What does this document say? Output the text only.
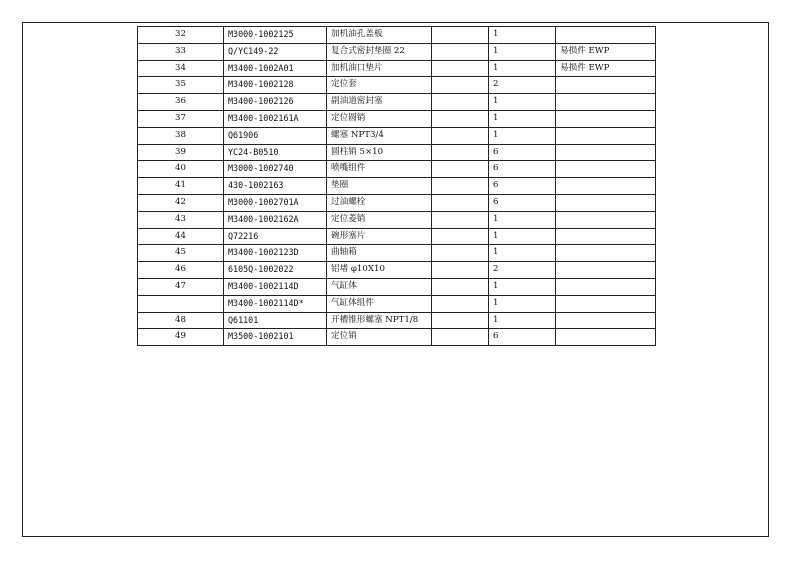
32	M3000-1002125	加机油孔盖板		1	
33	Q/YC149-22	复合式密封垫圈 22		1	易损件 EWP
34	M3400-1002A01	加机油口垫片		1	易损件 EWP
35	M3400-1002128	定位套		2	
36	M3400-1002126	副油道密封塞		1	
37	M3400-1002161A	定位圆销		1	
38	Q61906	螺塞 NPT3/4		1	
39	YC24-B0510	圆柱销 5×10		6	
40	M3000-1002740	喷嘴组件		6	
41	430-1002163	垫圈		6	
42	M3000-1002701A	过油螺栓		6	
43	M3400-1002162A	定位菱销		1	
44	Q72216	碗形塞片		1	
45	M3400-1002123D	曲轴箱		1	
46	6105Q-1002022	铝堵 φ10X10		2	
47	M3400-1002114D	气缸体		1	
	M3400-1002114D*	气缸体组件		1	
48	Q61101	开槽锥形螺塞 NPT1/8		1	
49	M3500-1002101	定位销		6	
